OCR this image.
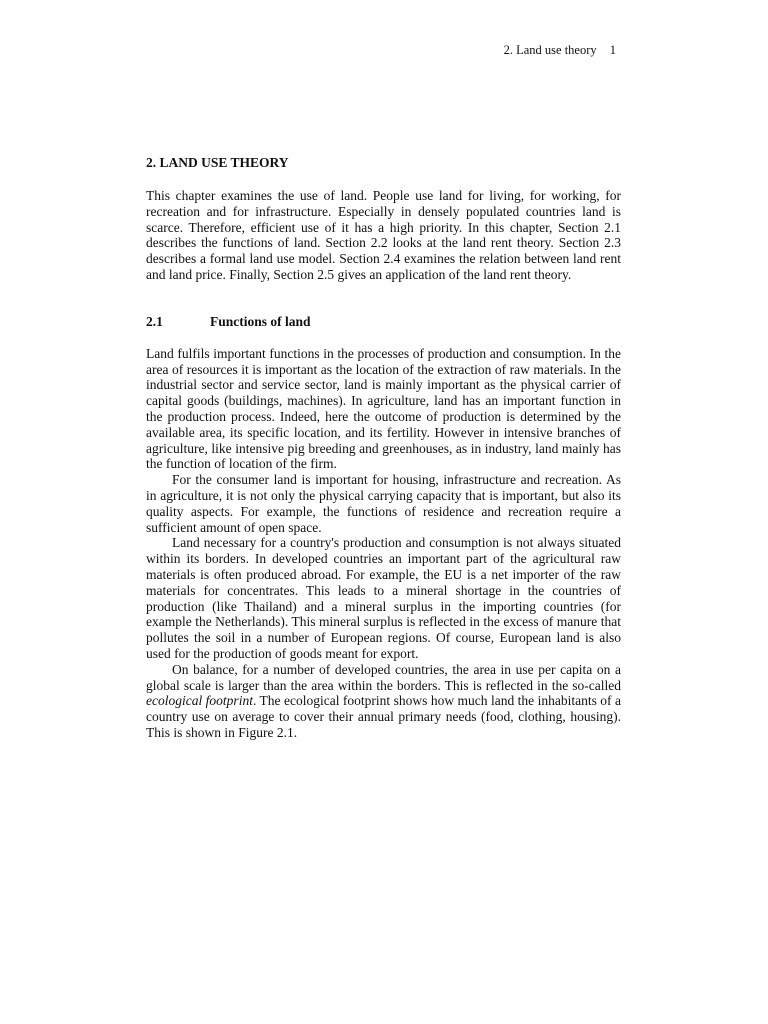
2. Land use theory 1
2. LAND USE THEORY

This chapter examines the use of land. People use land for living, for working, for recreation and for infrastructure. Especially in densely populated countries land is scarce. Therefore, efficient use of it has a high priority. In this chapter, Section 2.1 describes the functions of land. Section 2.2 looks at the land rent theory. Section 2.3 describes a formal land use model. Section 2.4 examines the relation between land rent and land price. Finally, Section 2.5 gives an application of the land rent theory.

2.1	Functions of land

Land fulfils important functions in the processes of production and consumption. In the area of resources it is important as the location of the extraction of raw materials. In the industrial sector and service sector, land is mainly important as the physical carrier of capital goods (buildings, machines). In agriculture, land has an important function in the production process. Indeed, here the outcome of production is determined by the available area, its specific location, and its fertility. However in intensive branches of agriculture, like intensive pig breeding and greenhouses, as in industry, land mainly has the function of location of the firm.

For the consumer land is important for housing, infrastructure and recreation. As in agriculture, it is not only the physical carrying capacity that is important, but also its quality aspects. For example, the functions of residence and recreation require a sufficient amount of open space.

Land necessary for a country's production and consumption is not always situated within its borders. In developed countries an important part of the agricultural raw materials is often produced abroad. For example, the EU is a net importer of the raw materials for concentrates. This leads to a mineral shortage in the countries of production (like Thailand) and a mineral surplus in the importing countries (for example the Netherlands). This mineral surplus is reflected in the excess of manure that pollutes the soil in a number of European regions. Of course, European land is also used for the production of goods meant for export.

On balance, for a number of developed countries, the area in use per capita on a global scale is larger than the area within the borders. This is reflected in the so-called ecological footprint. The ecological footprint shows how much land the inhabitants of a country use on average to cover their annual primary needs (food, clothing, housing). This is shown in Figure 2.1.
